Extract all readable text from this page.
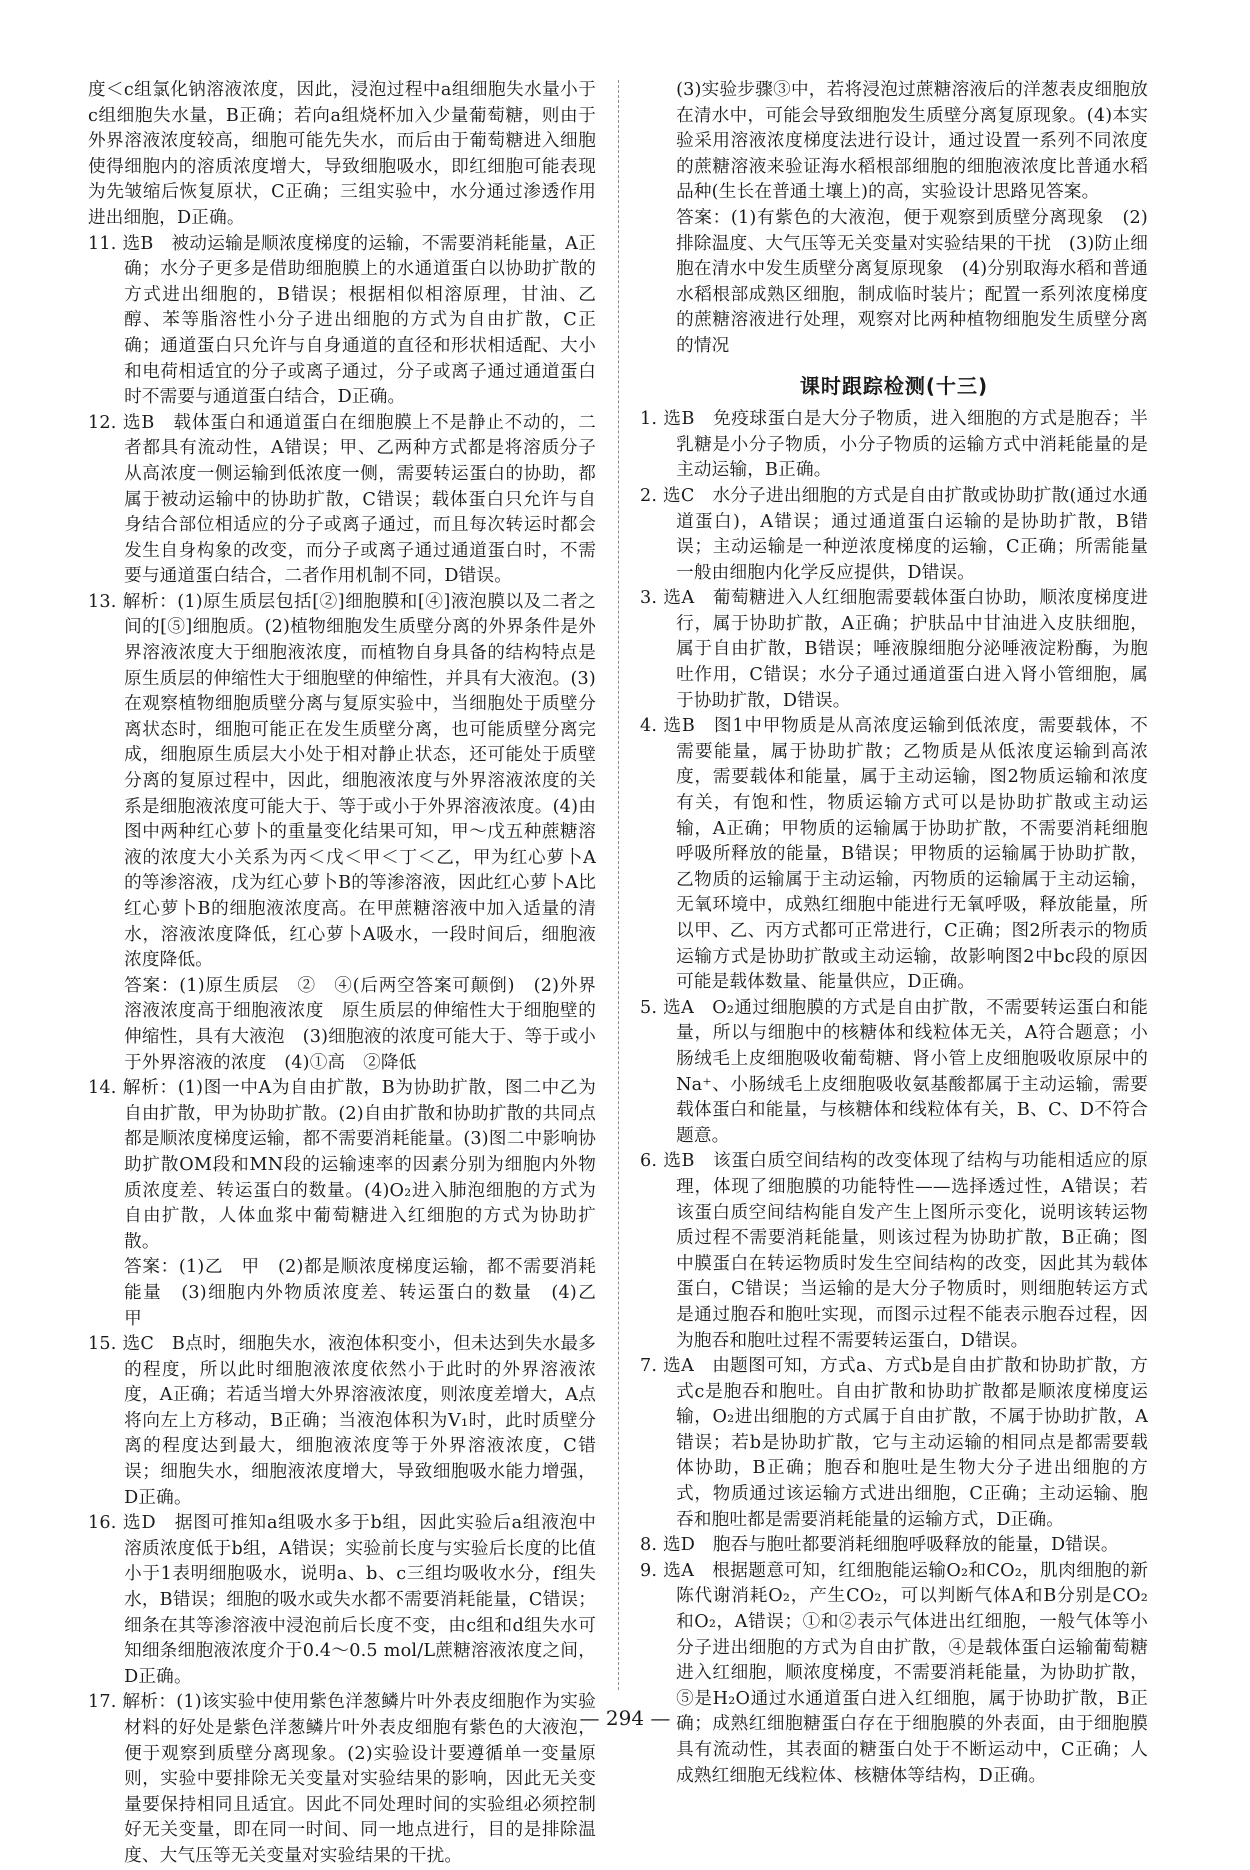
度＜c组氯化钠溶液浓度，因此，浸泡过程中a组细胞失水量小于c组细胞失水量，B正确；若向a组烧杯加入少量葡萄糖，则由于外界溶液浓度较高，细胞可能先失水，而后由于葡萄糖进入细胞使得细胞内的溶质浓度增大，导致细胞吸水，即红细胞可能表现为先皱缩后恢复原状，C正确；三组实验中，水分通过渗透作用进出细胞，D正确。

11. 选B　被动运输是顺浓度梯度的运输，不需要消耗能量，A正确；水分子更多是借助细胞膜上的水通道蛋白以协助扩散的方式进出细胞的，B错误；根据相似相溶原理，甘油、乙醇、苯等脂溶性小分子进出细胞的方式为自由扩散，C正确；通道蛋白只允许与自身通道的直径和形状相适配、大小和电荷相适宜的分子或离子通过，分子或离子通过通道蛋白时不需要与通道蛋白结合，D正确。

12. 选B　载体蛋白和通道蛋白在细胞膜上不是静止不动的，二者都具有流动性，A错误；甲、乙两种方式都是将溶质分子从高浓度一侧运输到低浓度一侧，需要转运蛋白的协助，都属于被动运输中的协助扩散，C错误；载体蛋白只允许与自身结合部位相适应的分子或离子通过，而且每次转运时都会发生自身构象的改变，而分子或离子通过通道蛋白时，不需要与通道蛋白结合，二者作用机制不同，D错误。

13. 解析：(1)原生质层包括[②]细胞膜和[④]液泡膜以及二者之间的[⑤]细胞质。(2)植物细胞发生质壁分离的外界条件是外界溶液浓度大于细胞液浓度，而植物自身具备的结构特点是原生质层的伸缩性大于细胞壁的伸缩性，并具有大液泡。(3)在观察植物细胞质壁分离与复原实验中，当细胞处于质壁分离状态时，细胞可能正在发生质壁分离，也可能质壁分离完成，细胞原生质层大小处于相对静止状态，还可能处于质壁分离的复原过程中，因此，细胞液浓度与外界溶液浓度的关系是细胞液浓度可能大于、等于或小于外界溶液浓度。(4)由图中两种红心萝卜的重量变化结果可知，甲～戊五种蔗糖溶液的浓度大小关系为丙＜戊＜甲＜丁＜乙，甲为红心萝卜A的等渗溶液，戊为红心萝卜B的等渗溶液，因此红心萝卜A比红心萝卜B的细胞液浓度高。在甲蔗糖溶液中加入适量的清水，溶液浓度降低，红心萝卜A吸水，一段时间后，细胞液浓度降低。

答案：(1)原生质层　②　④(后两空答案可颠倒)　(2)外界溶液浓度高于细胞液浓度　原生质层的伸缩性大于细胞壁的伸缩性，具有大液泡　(3)细胞液的浓度可能大于、等于或小于外界溶液的浓度　(4)①高　②降低

14. 解析：(1)图一中A为自由扩散，B为协助扩散，图二中乙为自由扩散，甲为协助扩散。(2)自由扩散和协助扩散的共同点都是顺浓度梯度运输，都不需要消耗能量。(3)图二中影响协助扩散OM段和MN段的运输速率的因素分别为细胞内外物质浓度差、转运蛋白的数量。(4)O₂进入肺泡细胞的方式为自由扩散，人体血浆中葡萄糖进入红细胞的方式为协助扩散。

答案：(1)乙　甲　(2)都是顺浓度梯度运输，都不需要消耗能量　(3)细胞内外物质浓度差、转运蛋白的数量　(4)乙　甲

15. 选C　B点时，细胞失水，液泡体积变小，但未达到失水最多的程度，所以此时细胞液浓度依然小于此时的外界溶液浓度，A正确；若适当增大外界溶液浓度，则浓度差增大，A点将向左上方移动，B正确；当液泡体积为V₁时，此时质壁分离的程度达到最大，细胞液浓度等于外界溶液浓度，C错误；细胞失水，细胞液浓度增大，导致细胞吸水能力增强，D正确。

16. 选D　据图可推知a组吸水多于b组，因此实验后a组液泡中溶质浓度低于b组，A错误；实验前长度与实验后长度的比值小于1表明细胞吸水，说明a、b、c三组均吸收水分，f组失水，B错误；细胞的吸水或失水都不需要消耗能量，C错误；细条在其等渗溶液中浸泡前后长度不变，由c组和d组失水可知细条细胞液浓度介于0.4～0.5 mol/L蔗糖溶液浓度之间，D正确。

17. 解析：(1)该实验中使用紫色洋葱鳞片叶外表皮细胞作为实验材料的好处是紫色洋葱鳞片叶外表皮细胞有紫色的大液泡，便于观察到质壁分离现象。(2)实验设计要遵循单一变量原则，实验中要排除无关变量对实验结果的影响，因此无关变量要保持相同且适宜。因此不同处理时间的实验组必须控制好无关变量，即在同一时间、同一地点进行，目的是排除温度、大气压等无关变量对实验结果的干扰。

(3)实验步骤③中，若将浸泡过蔗糖溶液后的洋葱表皮细胞放在清水中，可能会导致细胞发生质壁分离复原现象。(4)本实验采用溶液浓度梯度法进行设计，通过设置一系列不同浓度的蔗糖溶液来验证海水稻根部细胞的细胞液浓度比普通水稻品种(生长在普通土壤上)的高，实验设计思路见答案。

答案：(1)有紫色的大液泡，便于观察到质壁分离现象　(2)排除温度、大气压等无关变量对实验结果的干扰　(3)防止细胞在清水中发生质壁分离复原现象　(4)分别取海水稻和普通水稻根部成熟区细胞，制成临时装片；配置一系列浓度梯度的蔗糖溶液进行处理，观察对比两种植物细胞发生质壁分离的情况

课时跟踪检测(十三)

1. 选B　免疫球蛋白是大分子物质，进入细胞的方式是胞吞；半乳糖是小分子物质，小分子物质的运输方式中消耗能量的是主动运输，B正确。

2. 选C　水分子进出细胞的方式是自由扩散或协助扩散(通过水通道蛋白)，A错误；通过通道蛋白运输的是协助扩散，B错误；主动运输是一种逆浓度梯度的运输，C正确；所需能量一般由细胞内化学反应提供，D错误。

3. 选A　葡萄糖进入人红细胞需要载体蛋白协助，顺浓度梯度进行，属于协助扩散，A正确；护肤品中甘油进入皮肤细胞，属于自由扩散，B错误；唾液腺细胞分泌唾液淀粉酶，为胞吐作用，C错误；水分子通过通道蛋白进入肾小管细胞，属于协助扩散，D错误。

4. 选B　图1中甲物质是从高浓度运输到低浓度，需要载体，不需要能量，属于协助扩散；乙物质是从低浓度运输到高浓度，需要载体和能量，属于主动运输，图2物质运输和浓度有关，有饱和性，物质运输方式可以是协助扩散或主动运输，A正确；甲物质的运输属于协助扩散，不需要消耗细胞呼吸所释放的能量，B错误；甲物质的运输属于协助扩散，乙物质的运输属于主动运输，丙物质的运输属于主动运输，无氧环境中，成熟红细胞中能进行无氧呼吸，释放能量，所以甲、乙、丙方式都可正常进行，C正确；图2所表示的物质运输方式是协助扩散或主动运输，故影响图2中bc段的原因可能是载体数量、能量供应，D正确。

5. 选A　O₂通过细胞膜的方式是自由扩散，不需要转运蛋白和能量，所以与细胞中的核糖体和线粒体无关，A符合题意；小肠绒毛上皮细胞吸收葡萄糖、肾小管上皮细胞吸收原尿中的Na⁺、小肠绒毛上皮细胞吸收氨基酸都属于主动运输，需要载体蛋白和能量，与核糖体和线粒体有关，B、C、D不符合题意。

6. 选B　该蛋白质空间结构的改变体现了结构与功能相适应的原理，体现了细胞膜的功能特性——选择透过性，A错误；若该蛋白质空间结构能自发产生上图所示变化，说明该转运物质过程不需要消耗能量，则该过程为协助扩散，B正确；图中膜蛋白在转运物质时发生空间结构的改变，因此其为载体蛋白，C错误；当运输的是大分子物质时，则细胞转运方式是通过胞吞和胞吐实现，而图示过程不能表示胞吞过程，因为胞吞和胞吐过程不需要转运蛋白，D错误。

7. 选A　由题图可知，方式a、方式b是自由扩散和协助扩散，方式c是胞吞和胞吐。自由扩散和协助扩散都是顺浓度梯度运输，O₂进出细胞的方式属于自由扩散，不属于协助扩散，A错误；若b是协助扩散，它与主动运输的相同点是都需要载体协助，B正确；胞吞和胞吐是生物大分子进出细胞的方式，物质通过该运输方式进出细胞，C正确；主动运输、胞吞和胞吐都是需要消耗能量的运输方式，D正确。

8. 选D　胞吞与胞吐都要消耗细胞呼吸释放的能量，D错误。

9. 选A　根据题意可知，红细胞能运输O₂和CO₂，肌肉细胞的新陈代谢消耗O₂，产生CO₂，可以判断气体A和B分别是CO₂和O₂，A错误；①和②表示气体进出红细胞，一般气体等小分子进出细胞的方式为自由扩散，④是载体蛋白运输葡萄糖进入红细胞，顺浓度梯度，不需要消耗能量，为协助扩散，⑤是H₂O通过水通道蛋白进入红细胞，属于协助扩散，B正确；成熟红细胞糖蛋白存在于细胞膜的外表面，由于细胞膜具有流动性，其表面的糖蛋白处于不断运动中，C正确；人成熟红细胞无线粒体、核糖体等结构，D正确。

— 294 —
